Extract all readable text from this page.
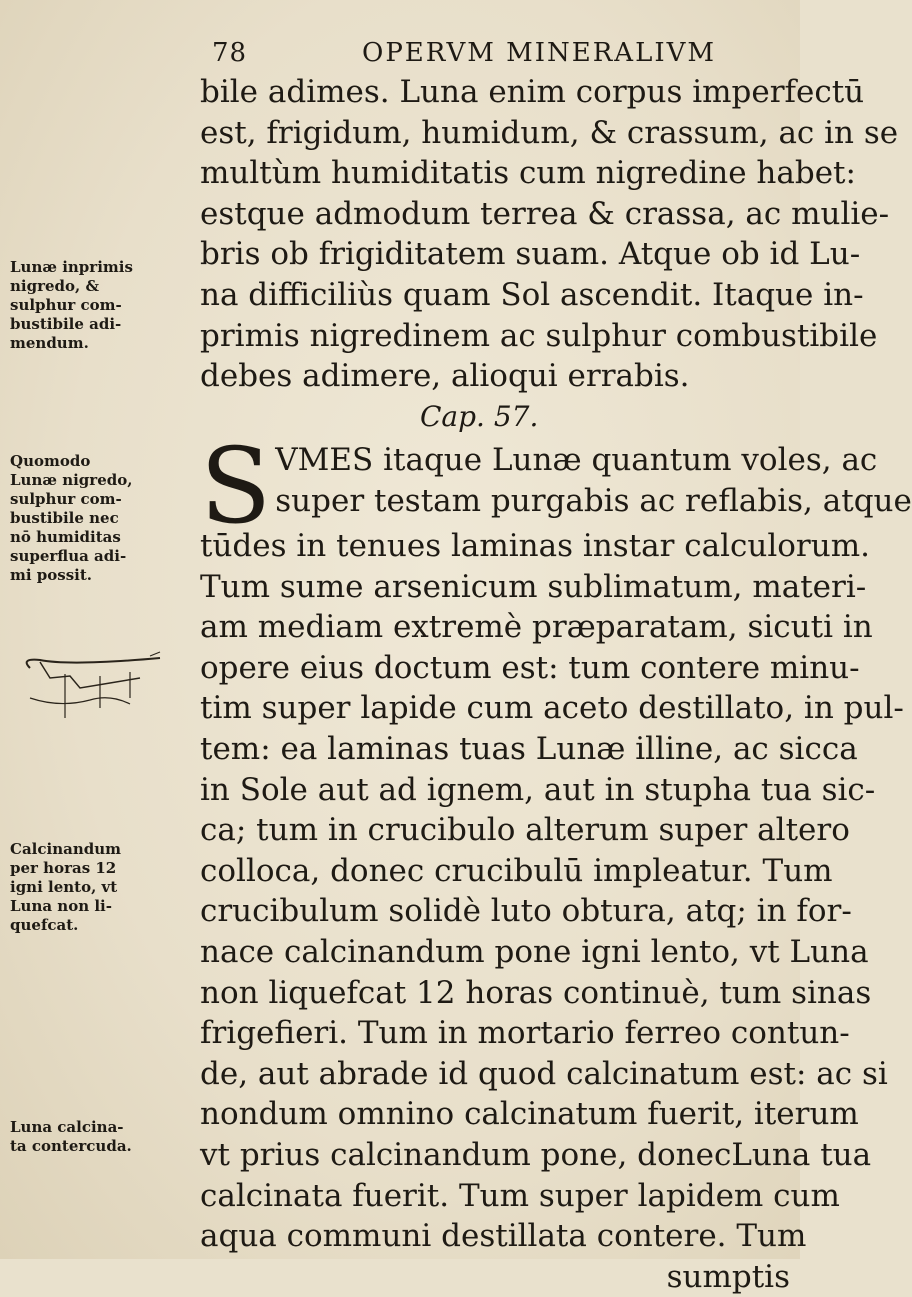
78	OPERVM MINERALIVM
bile adimes. Luna enim corpus imperfectū
est, frigidum, humidum, & crassum, ac in se
multùm humiditatis cum nigredine habet:
estque admodum terrea & crassa, ac mulie-
bris ob frigiditatem suam. Atque ob id Lu-
na difficiliùs quam Sol ascendit. Itaque in-
primis nigredinem ac sulphur combustibile
debes adimere, alioqui errabis.
Cap. 57.
S VMES itaque Lunæ quantum voles, ac
super testam purgabis ac reflabis, atque
tūdes in tenues laminas instar calculorum.
Tum sume arsenicum sublimatum, materi-
am mediam extremè præparatam, sicuti in
opere eius doctum est: tum contere minu-
tim super lapide cum aceto destillato, in pul-
tem: ea laminas tuas Lunæ illine, ac sicca
in Sole aut ad ignem, aut in stupha tua sic-
ca; tum in crucibulo alterum super altero
colloca, donec crucibulū impleatur. Tum
crucibulum solidè luto obtura, atq; in for-
nace calcinandum pone igni lento, vt Luna
non liquefcat 12 horas continuè, tum sinas
frigefieri. Tum in mortario ferreo contun-
de, aut abrade id quod calcinatum est: ac si
nondum omnino calcinatum fuerit, iterum
vt prius calcinandum pone, donecLuna tua
calcinata fuerit. Tum super lapidem cum
aqua communi destillata contere. Tum
sumptis
Lunæ inprimis
nigredo, &
sulphur com-
bustibile adi-
mendum.
Quomodo
Lunæ nigredo,
sulphur com-
bustibile nec
nō humiditas
superflua adi-
mi possit.
Calcinandum
per horas 12
igni lento, vt
Luna non li-
quefcat.
Luna calcina-
ta contercuda.
